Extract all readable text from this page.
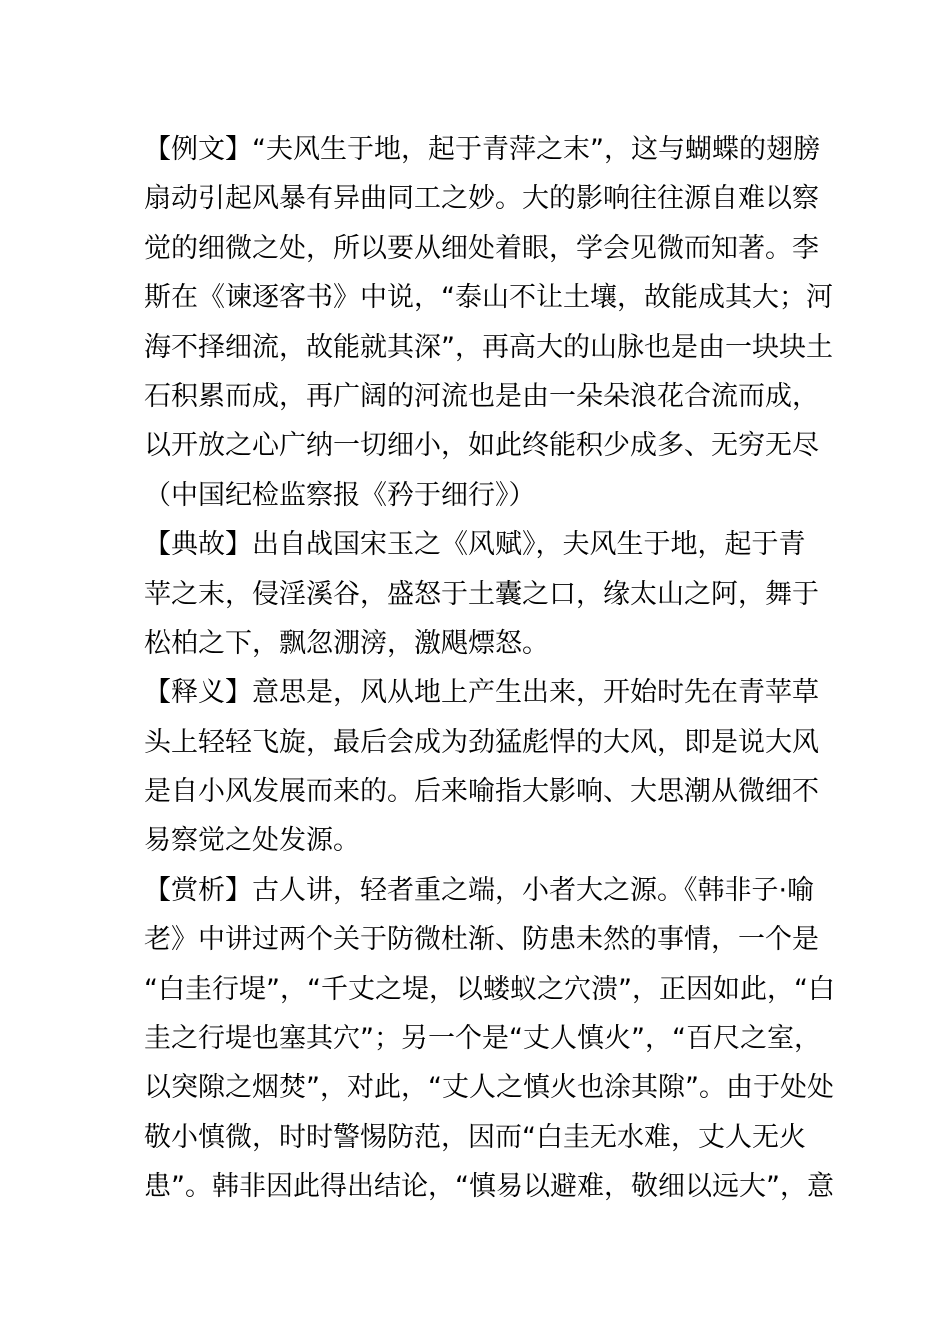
【例文】“夫风生于地，起于青萍之末”，这与蝴蝶的翅膀
扇动引起风暴有异曲同工之妙。大的影响往往源自难以察
觉的细微之处，所以要从细处着眼，学会见微而知著。李
斯在《谏逐客书》中说，“泰山不让土壤，故能成其大；河
海不择细流，故能就其深”，再高大的山脉也是由一块块土
石积累而成，再广阔的河流也是由一朵朵浪花合流而成，
以开放之心广纳一切细小，如此终能积少成多、无穷无尽
（中国纪检监察报《矜于细行》）
【典故】出自战国宋玉之《风赋》，夫风生于地，起于青
苹之末，侵淫溪谷，盛怒于土囊之口，缘太山之阿，舞于
松柏之下，飘忽淜滂，激飓熛怒。
【释义】意思是，风从地上产生出来，开始时先在青苹草
头上轻轻飞旋，最后会成为劲猛彪悍的大风，即是说大风
是自小风发展而来的。后来喻指大影响、大思潮从微细不
易察觉之处发源。
【赏析】古人讲，轻者重之端，小者大之源。《韩非子·喻
老》中讲过两个关于防微杜渐、防患未然的事情，一个是
“白圭行堤”，“千丈之堤，以蝼蚁之穴溃”，正因如此，“白
圭之行堤也塞其穴”；另一个是“丈人慎火”，“百尺之室，
以突隙之烟焚”，对此，“丈人之慎火也涂其隙”。由于处处
敬小慎微，时时警惕防范，因而“白圭无水难，丈人无火
患”。韩非因此得出结论，“慎易以避难，敬细以远大”，意
